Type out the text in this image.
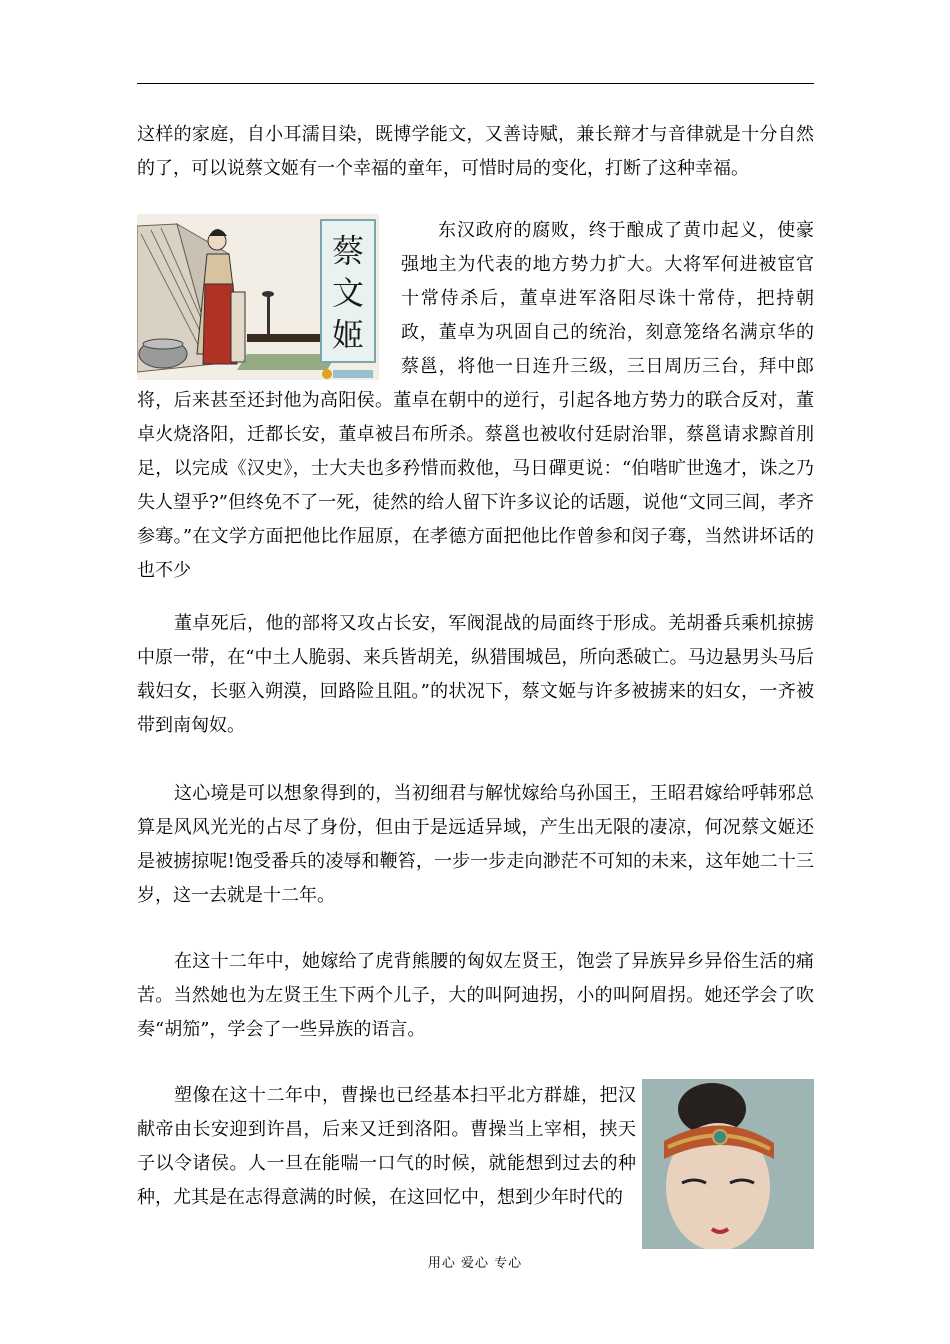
这样的家庭，自小耳濡目染，既博学能文，又善诗赋，兼长辩才与音律就是十分自然的了，可以说蔡文姬有一个幸福的童年，可惜时局的变化，打断了这种幸福。
蔡
文
姬
东汉政府的腐败，终于酿成了黄巾起义，使豪强地主为代表的地方势力扩大。大将军何进被宦官十常侍杀后，董卓进军洛阳尽诛十常侍，把持朝政，董卓为巩固自己的统治，刻意笼络名满京华的蔡邕，将他一日连升三级，三日周历三台，拜中郎将，后来甚至还封他为高阳侯。董卓在朝中的逆行，引起各地方势力的联合反对，董卓火烧洛阳，迁都长安，董卓被吕布所杀。蔡邕也被收付廷尉治罪，蔡邕请求黥首刖足，以完成《汉史》，士大夫也多矜惜而救他，马日磾更说：“伯喈旷世逸才，诛之乃失人望乎?”但终免不了一死，徒然的给人留下许多议论的话题，说他“文同三闾，孝齐参骞。”在文学方面把他比作屈原，在孝德方面把他比作曾参和闵子骞，当然讲坏话的也不少
董卓死后，他的部将又攻占长安，军阀混战的局面终于形成。羌胡番兵乘机掠掳中原一带，在“中土人脆弱、来兵皆胡羌，纵猎围城邑，所向悉破亡。马边悬男头马后载妇女，长驱入朔漠，回路险且阻。”的状况下，蔡文姬与许多被掳来的妇女，一齐被带到南匈奴。
这心境是可以想象得到的，当初细君与解忧嫁给乌孙国王，王昭君嫁给呼韩邪总算是风风光光的占尽了身份，但由于是远适异域，产生出无限的凄凉，何况蔡文姬还是被掳掠呢!饱受番兵的凌辱和鞭笞，一步一步走向渺茫不可知的未来，这年她二十三岁，这一去就是十二年。
在这十二年中，她嫁给了虎背熊腰的匈奴左贤王，饱尝了异族异乡异俗生活的痛苦。当然她也为左贤王生下两个儿子，大的叫阿迪拐，小的叫阿眉拐。她还学会了吹奏“胡笳”，学会了一些异族的语言。
塑像在这十二年中，曹操也已经基本扫平北方群雄，把汉献帝由长安迎到许昌，后来又迁到洛阳。曹操当上宰相，挟天子以令诸侯。人一旦在能喘一口气的时候，就能想到过去的种种，尤其是在志得意满的时候，在这回忆中，想到少年时代的
用心 爱心 专心
